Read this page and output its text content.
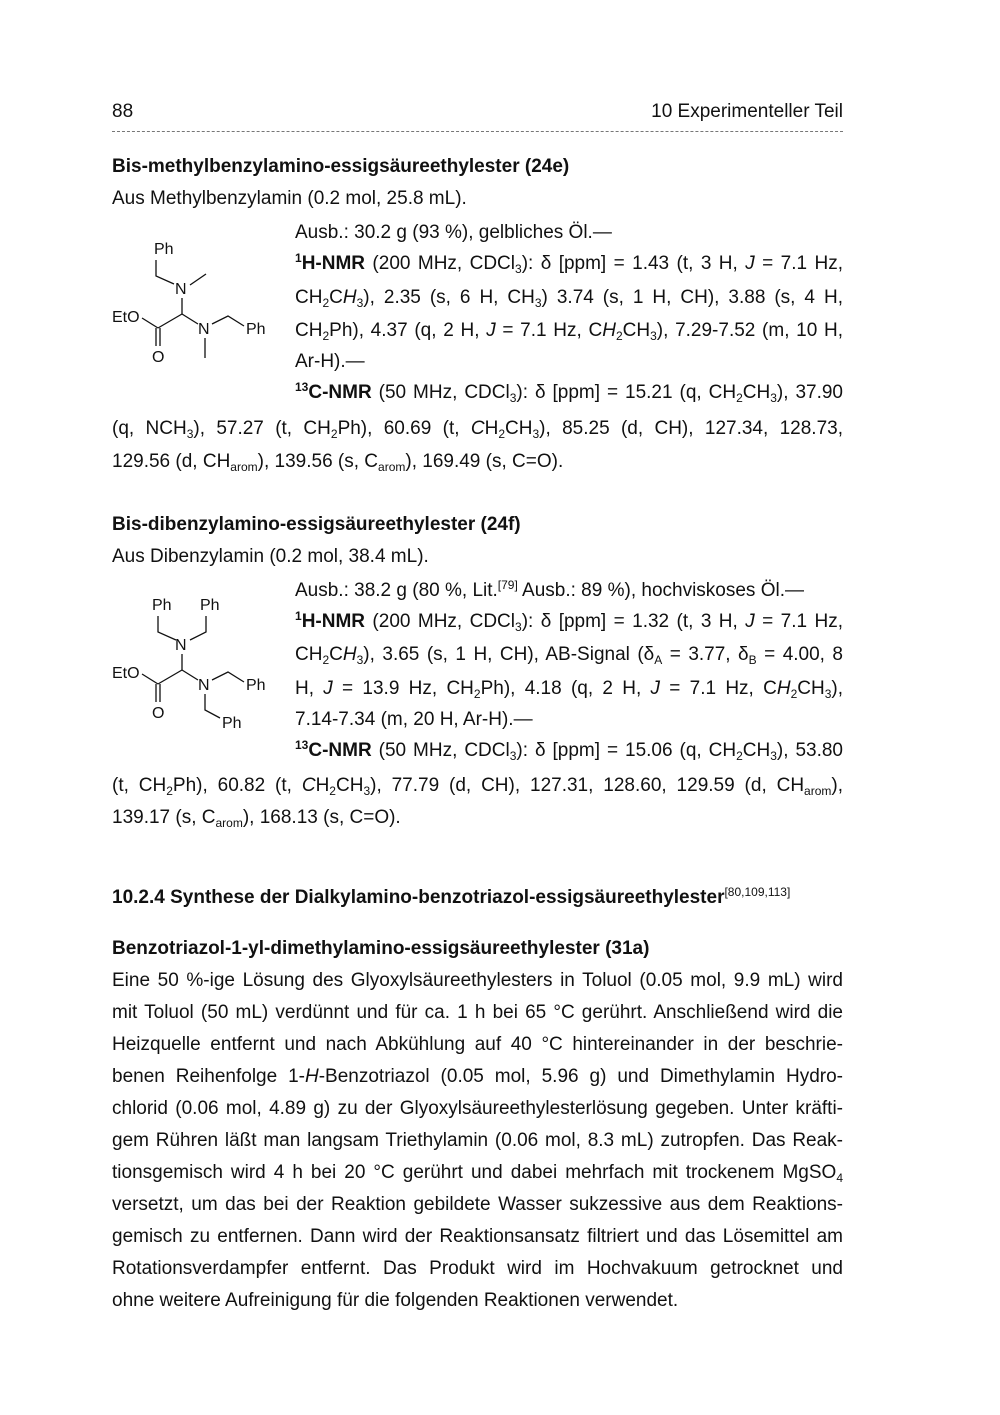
88	10 Experimenteller Teil
Bis-methylbenzylamino-essigsäureethylester (24e)
Aus Methylbenzylamin (0.2 mol, 25.8 mL).
Ph
N
EtO
O
N Ph
Ausb.: 30.2 g (93 %), gelbliches Öl.—
$^1$H-NMR (200 MHz, CDCl$_3$): δ [ppm] = 1.43 (t, 3 H, J = 7.1 Hz,
$CH_2CH_3$), 2.35 (s, 6 H, $CH_3$) 3.74 (s, 1 H, CH), 3.88 (s, 4 H,
$CH_2Ph$), 4.37 (q, 2 H, J = 7.1 Hz, $CH_2CH_3$), 7.29-7.52 (m, 10 H,
Ar-H).—
$^{13}$C-NMR (50 MHz, CDCl$_3$): δ [ppm] = 15.21 (q, $CH_2CH_3$), 37.90
(q, $NCH_3$), 57.27 (t, $CH_2Ph$), 60.69 (t, $CH_2CH_3$), 85.25 (d, CH), 127.34, 128.73,
129.56 (d, $CH_{arom}$), 139.56 (s, $C_{arom}$), 169.49 (s, C=O).
Bis-dibenzylamino-essigsäureethylester (24f)
Aus Dibenzylamin (0.2 mol, 38.4 mL).
Ph Ph
N
EtO
O
N Ph
Ph
Ausb.: 38.2 g (80 %, Lit.[79] Ausb.: 89 %), hochviskoses Öl.—
$^1$H-NMR (200 MHz, CDCl$_3$): δ [ppm] = 1.32 (t, 3 H, J = 7.1 Hz,
$CH_2CH_3$), 3.65 (s, 1 H, CH), AB-Signal ($\delta_A = 3.77$, $\delta_B = 4.00$, 8
H, J = 13.9 Hz, $CH_2Ph$), 4.18 (q, 2 H, J = 7.1 Hz, $CH_2CH_3$),
7.14-7.34 (m, 20 H, Ar-H).—
$^{13}$C-NMR (50 MHz, CDCl$_3$): δ [ppm] = 15.06 (q, $CH_2CH_3$), 53.80
(t, $CH_2Ph$), 60.82 (t, $CH_2CH_3$), 77.79 (d, CH), 127.31, 128.60, 129.59 (d, $CH_{arom}$),
139.17 (s, $C_{arom}$), 168.13 (s, C=O).
10.2.4 Synthese der Dialkylamino-benzotriazol-essigsäureethylester[80,109,113]
Benzotriazol-1-yl-dimethylamino-essigsäureethylester (31a)
Eine 50 %-ige Lösung des Glyoxylsäureethylesters in Toluol (0.05 mol, 9.9 mL) wird
mit Toluol (50 mL) verdünnt und für ca. 1 h bei 65 °C gerührt. Anschließend wird die
Heizquelle entfernt und nach Abkühlung auf 40 °C hintereinander in der beschrie-
benen Reihenfolge 1-H-Benzotriazol (0.05 mol, 5.96 g) und Dimethylamin Hydro-
chlorid (0.06 mol, 4.89 g) zu der Glyoxylsäureethylesterlösung gegeben. Unter kräfti-
gem Rühren läßt man langsam Triethylamin (0.06 mol, 8.3 mL) zutropfen. Das Reak-
tionsgemisch wird 4 h bei 20 °C gerührt und dabei mehrfach mit trockenem MgSO$_4$
versetzt, um das bei der Reaktion gebildete Wasser sukzessive aus dem Reaktions-
gemisch zu entfernen. Dann wird der Reaktionsansatz filtriert und das Lösemittel am
Rotationsverdampfer entfernt. Das Produkt wird im Hochvakuum getrocknet und
ohne weitere Aufreinigung für die folgenden Reaktionen verwendet.
